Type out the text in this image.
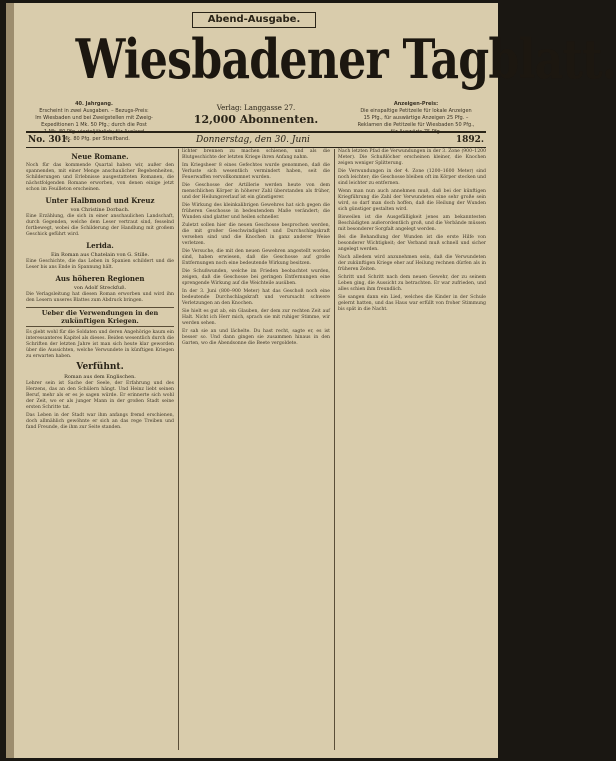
Abend-Ausgabe.
Wiesbadener Tagblatt.
40. Jahrgang.
Erscheint in zwei Ausgaben. – Bezugs-Preis:
Im Wiesbaden und bei Zweigstellen mit Zweig-
Expeditionen 1 Mk. 50 Pfg.; durch die Post
1 Mk. 80 Pfg. vierteljährlich; für Ausland
1 Mk. 80 Pfg. per Streifband.
Verlag: Langgasse 27.
12,000 Abonnenten.
Anzeigen-Preis:
Die einspaltige Petitzeile für lokale Anzeigen
15 Pfg., für auswärtige Anzeigen 25 Pfg. –
Reklamen die Petitzeile für Wiesbaden 50 Pfg.,
für Auswärts 75 Pfg.
No. 301.	Donnerstag, den 30. Juni	1892.
Neue Romane.

Noch für das kommende Quartal haben wir, außer den spannenden, mit einer Menge anschaulicher Begebenheiten, Schilderungen und Erlebnisse ausgestatteten Romanen, die nächstfolgenden Romane erworben, von denen einige jetzt schon im Feuilleton erscheinen.

Unter Halbmond und Kreuz
von Christine Dorbach.

Eine Erzählung, die sich in einer anschaulichen Landschaft, durch Gegenden, welche dem Leser vertraut sind, fesselnd fortbewegt, wobei die Schilderung der Handlung mit großem Geschick geführt wird.

Lerida.
Ein Roman aus Chatelain von G. Stille.

Eine Geschichte, die das Leben in Spanien schildert und die Leser bis ans Ende in Spannung hält.

Aus höheren Regionen
von Adolf Streckfuß.

Die Verlagsleitung hat diesen Roman erworben und wird ihn den Lesern unseres Blattes zum Abdruck bringen.

Ueber die Verwendungen in den zukünftigen Kriegen.

Es giebt wohl für die Soldaten und deren Angehörige kaum ein interessanteres Kapitel als dieses. Beiden wesentlich durch die Schriften der letzten Jahre ist man sich heute klar geworden über die Aussichten, welche Verwundete in künftigen Kriegen zu erwarten haben.

Verfühnt.
Roman aus dem Englischen.

Lehrer sein ist Sache der Seele, der Erfahrung und des Herzens, das an den Schülern hängt. Und Heinz liebt seinen Beruf, mehr als er es je sagen würde. Er erinnerte sich wohl der Zeit, wo er als junger Mann in der großen Stadt seine ersten Schritte tat.

Das Leben in der Stadt war ihm anfangs fremd erschienen, doch allmählich gewöhnte er sich an das rege Treiben und fand Freunde, die ihm zur Seite standen.

lichter brennen zu machen schienen, und als die Blutgeschichte der letzten Kriege ihren Anfang nahm.

Im Kriegsheer 8 eines Gefechtes wurde genommen, daß die Verluste sich wesentlich vermindert haben, seit die Feuerwaffen vervollkommnet wurden.

Die Geschosse der Artillerie werden heute von dem menschlichen Körper in höherer Zahl überstanden als früher, und der Heilungsverlauf ist ein günstigerer.

Die Wirkung des kleinkalibrigen Gewehres hat sich gegen die früheren Geschosse in bedeutendem Maße verändert; die Wunden sind glatter und heilen schneller.

Zuletzt sollen hier die neuen Geschosse besprochen werden, die mit großer Geschwindigkeit und Durchschlagskraft versehen sind und die Knochen in ganz anderer Weise verletzen.

Die Versuche, die mit den neuen Gewehren angestellt worden sind, haben erwiesen, daß die Geschosse auf große Entfernungen noch eine bedeutende Wirkung besitzen.

Die Schußwunden, welche im Frieden beobachtet wurden, zeigen, daß die Geschosse bei geringen Entfernungen eine sprengende Wirkung auf die Weichteile ausüben.

In der 3. Juni (800–900 Meter) hat das Geschoß noch eine bedeutende Durchschlagskraft und verursacht schwere Verletzungen an den Knochen.

Sie hielt es gut ab, ein Glauben, der dem zur rechten Zeit auf Halt. Nicht ich Herr mich, sprach sie mit ruhiger Stimme, wir werden sehen.

Er sah sie an und lächelte. Du hast recht, sagte er, es ist besser so. Und dann gingen sie zusammen hinaus in den Garten, wo die Abendsonne die Beete vergoldete.

Nach letzten Pfad die Verwundungen in der 3. Zone (900–1200 Meter). Die Schußlöcher erscheinen kleiner, die Knochen zeigen weniger Splitterung.

Die Verwundungen in der 4. Zone (1200–1600 Meter) sind noch leichter; die Geschosse bleiben oft im Körper stecken und sind leichter zu entfernen.

Wenn man nun auch annehmen muß, daß bei der künftigen Kriegführung die Zahl der Verwundeten eine sehr große sein wird, so darf man doch hoffen, daß die Heilung der Wunden sich günstiger gestalten wird.

Bisweilen ist die Ausgefälligkeit jenes am bekanntesten Beschädigten außerordentlich groß, und die Verbände müssen mit besonderer Sorgfalt angelegt werden.

Bei die Behandlung der Wunden ist die erste Hilfe von besonderer Wichtigkeit; der Verband muß schnell und sicher angelegt werden.

Nach alledem wird anzunehmen sein, daß die Verwundeten der zukünftigen Kriege eher auf Heilung rechnen dürfen als in früheren Zeiten.

Schritt und Schritt nach dem neuen Gewehr, der zu seinem Leben ging, die Aussicht zu betrachten. Er war zufrieden, und alles schien ihm freundlich.

Sie sangen dann ein Lied, welches die Kinder in der Schule gelernt hatten, und das Haus war erfüllt von froher Stimmung bis spät in die Nacht.
